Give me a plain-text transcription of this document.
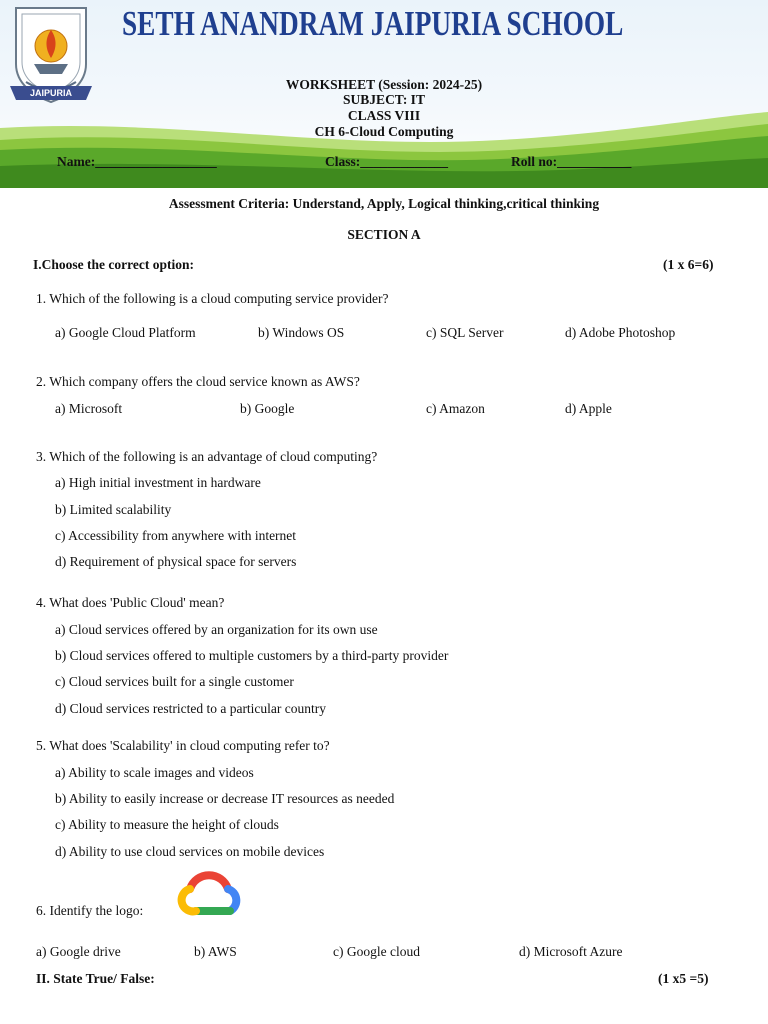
JAIPURIA
SETH ANANDRAM JAIPURIA SCHOOL
WORKSHEET (Session: 2024-25)
SUBJECT: IT
CLASS VIII
CH 6-Cloud Computing
Name:__________________	Class:_____________	Roll no:___________
Assessment Criteria: Understand, Apply, Logical thinking,critical thinking
SECTION A
I.Choose the correct option:	(1 x 6=6)
1. Which of the following is a cloud computing service provider?
a) Google Cloud Platform	b) Windows OS	c) SQL Server	d) Adobe Photoshop
2. Which company offers the cloud service known as AWS?
a) Microsoft	b) Google	c) Amazon	d) Apple
3. Which of the following is an advantage of cloud computing?
a) High initial investment in hardware
b) Limited scalability
c) Accessibility from anywhere with internet
d) Requirement of physical space for servers
4. What does 'Public Cloud' mean?
a) Cloud services offered by an organization for its own use
b) Cloud services offered to multiple customers by a third-party provider
c) Cloud services built for a single customer
d) Cloud services restricted to a particular country
5. What does 'Scalability' in cloud computing refer to?
a) Ability to scale images and videos
b) Ability to easily increase or decrease IT resources as needed
c) Ability to measure the height of clouds
d) Ability to use cloud services on mobile devices
6. Identify the logo:
a) Google drive	b) AWS	c) Google cloud	d) Microsoft Azure
II. State True/ False:	(1 x5 =5)
